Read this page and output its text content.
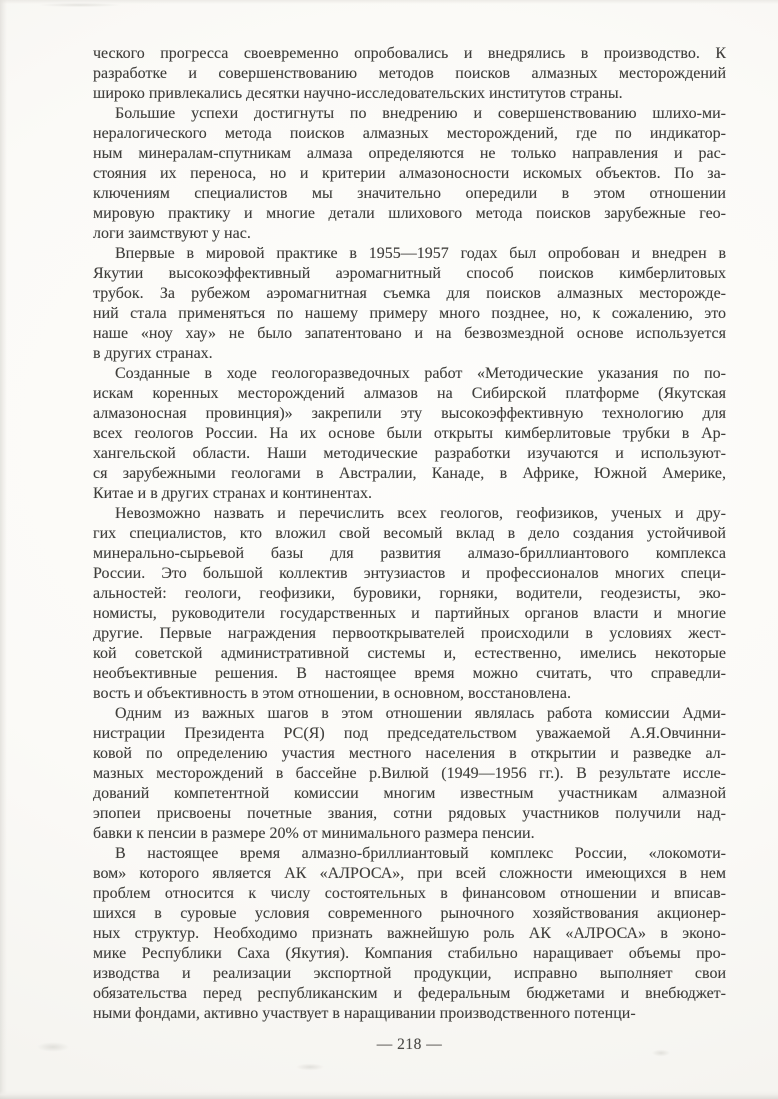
ческого прогресса своевременно опробовались и внедрялись в производство. К
разработке и совершенствованию методов поисков алмазных месторождений
широко привлекались десятки научно-исследовательских институтов страны.
Большие успехи достигнуты по внедрению и совершенствованию шлихо-ми-
нералогического метода поисков алмазных месторождений, где по индикатор-
ным минералам-спутникам алмаза определяются не только направления и рас-
стояния их переноса, но и критерии алмазоносности искомых объектов. По за-
ключениям специалистов мы значительно опередили в этом отношении
мировую практику и многие детали шлихового метода поисков зарубежные гео-
логи заимствуют у нас.
Впервые в мировой практике в 1955—1957 годах был опробован и внедрен в
Якутии высокоэффективный аэромагнитный способ поисков кимберлитовых
трубок. За рубежом аэромагнитная съемка для поисков алмазных месторожде-
ний стала применяться по нашему примеру много позднее, но, к сожалению, это
наше «ноу хау» не было запатентовано и на безвозмездной основе используется
в других странах.
Созданные в ходе геологоразведочных работ «Методические указания по по-
искам коренных месторождений алмазов на Сибирской платформе (Якутская
алмазоносная провинция)» закрепили эту высокоэффективную технологию для
всех геологов России. На их основе были открыты кимберлитовые трубки в Ар-
хангельской области. Наши методические разработки изучаются и используют-
ся зарубежными геологами в Австралии, Канаде, в Африке, Южной Америке,
Китае и в других странах и континентах.
Невозможно назвать и перечислить всех геологов, геофизиков, ученых и дру-
гих специалистов, кто вложил свой весомый вклад в дело создания устойчивой
минерально-сырьевой базы для развития алмазо-бриллиантового комплекса
России. Это большой коллектив энтузиастов и профессионалов многих специ-
альностей: геологи, геофизики, буровики, горняки, водители, геодезисты, эко-
номисты, руководители государственных и партийных органов власти и многие
другие. Первые награждения первооткрывателей происходили в условиях жест-
кой советской административной системы и, естественно, имелись некоторые
необъективные решения. В настоящее время можно считать, что справедли-
вость и объективность в этом отношении, в основном, восстановлена.
Одним из важных шагов в этом отношении являлась работа комиссии Адми-
нистрации Президента РС(Я) под председательством уважаемой А.Я.Овчинни-
ковой по определению участия местного населения в открытии и разведке ал-
мазных месторождений в бассейне р.Вилюй (1949—1956 гг.). В результате иссле-
дований компетентной комиссии многим известным участникам алмазной
эпопеи присвоены почетные звания, сотни рядовых участников получили над-
бавки к пенсии в размере 20% от минимального размера пенсии.
В настоящее время алмазно-бриллиантовый комплекс России, «локомоти-
вом» которого является АК «АЛРОСА», при всей сложности имеющихся в нем
проблем относится к числу состоятельных в финансовом отношении и вписав-
шихся в суровые условия современного рыночного хозяйствования акционер-
ных структур. Необходимо признать важнейшую роль АК «АЛРОСА» в эконо-
мике Республики Саха (Якутия). Компания стабильно наращивает объемы про-
изводства и реализации экспортной продукции, исправно выполняет свои
обязательства перед республиканским и федеральным бюджетами и внебюджет-
ными фондами, активно участвует в наращивании производственного потенци-
— 218 —
